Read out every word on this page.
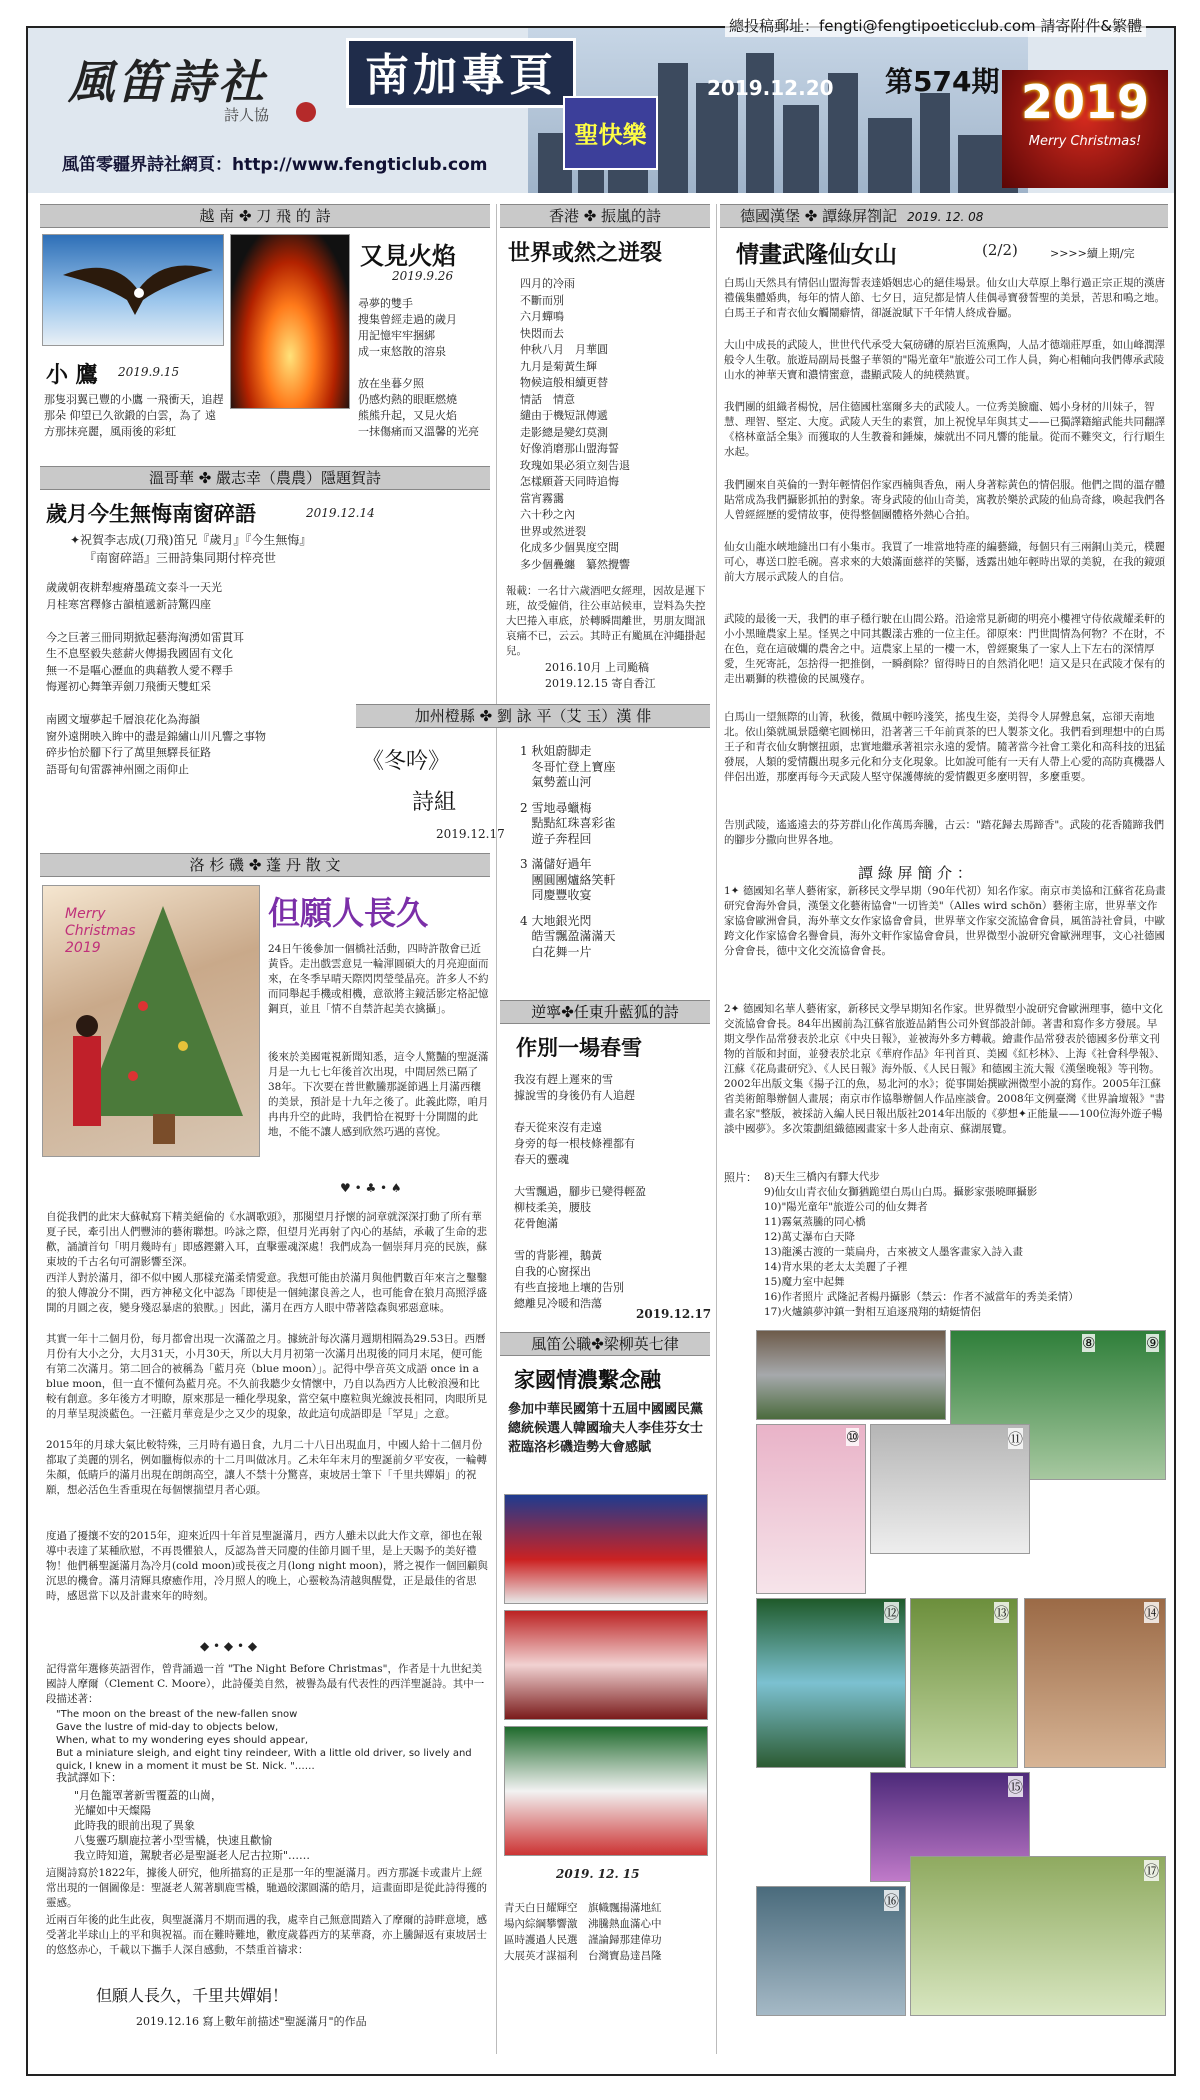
風笛詩社
詩人協
南加專頁
風笛零疆界詩社網頁：http://www.fengticlub.com
總投稿郵址：fengti@fengtipoeticclub.com 請寄附件&繁體
聖快樂
2019.12.20 第574期 2019
Merry Christmas!
越 南 ✤ 刀 飛 的 詩
又見火焰
2019.9.26
尋夢的雙手
搜集曾經走過的歲月
用記憶牢牢捆綁
成一束悠散的溶泉

放在坐暮夕照
仍感灼熱的眼眶燃燒
熊熊升起，又見火焰
一抹傷痛而又溫馨的光亮
小 鷹 2019.9.15
那隻羽翼已豐的小鷹 一飛衝天，追趕那朵 仰望已久欲鍛的白雲，為了 遠方那抹亮麗，風雨後的彩虹
溫哥華 ✤ 嚴志幸（農農）隱題賀詩
歲月今生無悔南窗碎語	2019.12.14
✦祝賀李志成(刀飛)笛兄『歲月』『今生無悔』
『南窗碎語』三冊詩集同期付梓亮世
歲歲朝夜耕犁瘦瘠墨疏文泰斗一天光
月桂寒宮釋修古韻植遞新詩驚四座

今之巨著三冊同期掀起藝海洶湧如雷貫耳
生不息堅毅失慈薪火傳揚我國固有文化
無一不是嘔心瀝血的典藉教人愛不釋手
悔遲初心舞筆弄劍刀飛衝天雙虹采

南國文壇夢起千層浪花化為海韻
窗外遠開映入眸中的盡是錦繡山川凡響之事物
碎步怡於腳下行了萬里無驛長征路
語哥旬旬雷霹神州園之雨仰止
洛 杉 磯 ✤ 蓬 丹 散 文
Merry Christmas 2019
但願人長久
24日午後參加一個橋社活動，四時許散會已近黃昏。走出戲雲意見一輪渾圓碩大的月亮迎面而來，在冬季早晴天際閃閃瑩瑩晶亮。許多人不約而同舉起手機或相機，意欲將主鏡活影定格記憶鋼頁，並且「情不自禁許起美衣擒攝」。
後來於美國電視新聞知悉，這令人驚豔的聖誕滿月是一九七七年後首次出現，中間居然已隔了38年。下次要在普世歡騰那誕節遇上月滿西穰的美景，預計是十九年之後了。此義此際，咱月冉冉升空的此時，我們恰在視野十分開闊的此地，不能不讓人感到欣然巧遇的喜悅。
♥ • ♣ • ♠
自從我們的此宋大蘇軾寫下精美絕倫的《水調歌頭》，那闋望月抒懷的詞章就深深打動了所有華夏子民，牽引出人們豐沛的藝術聯想。吟詠之際，但望月光再射了內心的基結，承載了生命的悲歡，誦讀首句「明月幾時有」即感鏗鏘入耳，直擊靈魂深處！我們成為一個崇拜月亮的民族，蘇東坡的千古名句可謂影響至深。
西洋人對於滿月，卻不似中國人那樣充滿柔情愛意。我想可能由於滿月與他們數百年來言之鑿鑿的狼人傳說分不開，西方神秘文化中認為「即使是一個純潔良善之人，也可能會在狼月高照浮盛開的月圓之夜，變身殘忍暴虐的狼獸。」因此，滿月在西方人眼中帶著陰森與邪惡意味。
其實一年十二個月份，每月都會出現一次滿盈之月。據統計每次滿月週期相隔為29.53日。西曆月份有大小之分，大月31天，小月30天，所以大月月初第一次滿月出現後的同月末尾，便可能有第二次滿月。第二回合的被稱為「藍月亮（blue moon）」。記得中學音英文成語 once in a blue moon，但一直不懂何為藍月亮。不久前我聽少女情懷中，乃自以為西方人比較浪漫和比較有創意。多年後方才明瞭，原來那是一種化學現象，當空氣中塵粒與光線波長相同，肉眼所見的月華呈現淡藍色。一汪藍月華竟是少之又少的現象，故此這句成語即是「罕見」之意。
2015年的月球大氣比較特殊，三月時有過日食，九月二十八日出現血月，中國人給十二個月份都取了美麗的別名，例如臘梅似赤的十二月叫做冰月。乙未年年末月的聖誕前夕平安夜，一輪轉朱顏，低睛戶的滿月出現在朗朗高空，讓人不禁十分驚喜，東坡居士筆下「千里共嬋娟」的祝願，想必活色生香重現在每個懷揣望月者心頭。
度過了擾攘不安的2015年，迎來近四十年首見聖誕滿月，西方人雖未以此大作文章，卻也在報導中表達了某種欣慰，不再畏懼狼人，反認為普天同慶的佳節月圓千里，是上天賜予的美好禮物！他們稱聖誕滿月為冷月(cold moon)或長夜之月(long night moon)，將之視作一個回顧與沉思的機會。滿月清輝具療癒作用，冷月照人的晚上，心靈較為清越與醒覺，正是最佳的省思時，感恩當下以及計畫來年的時刻。
◆ • ◆ • ◆
記得當年選修英語習作，曾背誦過一首 "The Night Before Christmas"，作者是十九世紀美國詩人摩爾（Clement C. Moore），此詩優美自然，被譽為最有代表性的西洋聖誕詩。其中一段描述著：
"The moon on the breast of the new-fallen snow
Gave the lustre of mid-day to objects below,
When, what to my wondering eyes should appear,
But a miniature sleigh, and eight tiny reindeer, With a little old driver, so lively and quick, I knew in a moment it must be St. Nick. "……
我試譯如下：
"月色籠罩著新雪覆蓋的山崗，
光耀如中天燦陽
此時我的眼前出現了異象
八隻靈巧馴鹿拉著小型雪橇，快速且歡愉
我立時知道，駕駛者必是聖誕老人尼古拉斯"……
這闋詩寫於1822年，據後人研究，他所描寫的正是那一年的聖誕滿月。西方那誕卡或畫片上經常出現的一個圖像是：聖誕老人駕著馴鹿雪橇，馳過皎潔圓滿的皓月，這畫面即是從此詩得獲的靈感。
近兩百年後的此生此夜，與聖誕滿月不期而遇的我，處幸自己無意間踏入了摩爾的詩畔意境，感受著北半球山上的平和與祝福。而在難時難地，歡度歲暮西方的某華裔，亦上騰歸返有東坡居士的悠悠赤心，千載以下攜手人深自感動，不禁重首禱求：
但願人長久，千里共嬋娟！
2019.12.16 寫上數年前描述"聖誕滿月"的作品
香港 ✤ 振嵐的詩
世界或然之迸裂
四月的冷雨
不斷而別
六月蟬鳴
快悶而去
仲秋八月　月華圓
九月是菊黃生輝
物候這般相續更替
情話　情意
繾由于機短訊傳遞
走影總是變幻莫測
好像消磨那山盟海誓
玫瑰如果必須立刻告退
怎樣願蒼天同時追悔
當宵霧靄
六十秒之內
世界或然迸裂
化成多少個異度空間
多少個疊纏　纂然攪響
報載：一名廿六歲酒吧女經理，因故是遲下班，故受僱俏，往公車站候車，豈料為失控大巴捲入車底，於轉瞬間離世，男朋友聞訊哀痛不已，云云。其時正有颱風在沖繩掛起兒。
2016.10月 上司颱稿
2019.12.15 寄自香江
加州橙縣 ✤ 劉 詠 平（艾 玉）漢 俳
《冬吟》
詩組
2019.12.17
1 秋姐蔚脚走
冬哥忙登上寶座
氣勢蓋山河
2 雪地尋蠟梅
點點紅珠喜彩雀
遊子奔程回
3 滿儲好過年
團圓團爐絡笑軒
同慶豐收宴
4 大地銀光閃
皓雪飄盈滿滿天
白花舞一片
逆寧✤任東升藍狐的詩
作別一場春雪
我沒有趕上遲來的雪
據說雪的身後仍有人追趕

春天從來沒有走遠
身旁的每一根枝條裡都有
春天的靈魂

大雪飄過，腳步已變得輕盈
柳枝柔美，腰肢
花骨飽滿

雪的背影裡，鵝黃
自我的心窗探出
有些直接地上壤的告別
總離見冷暖和浩蕩
2019.12.17
風笛公職✤梁柳英七律
家國情濃繫念融
參加中華民國第十五屆中國國民黨總統候選人韓國瑜夫人李佳芬女士蒞臨洛杉磯造勢大會感賦
2019. 12. 15
青天白日耀輝空　旗幟飄揚滿地紅
場內綜綱攀響激　沸騰熱血滿心中
區時護過人民選　謹論歸那建偉功
大展英才謀福利　台灣寶島達昌隆
德國漢堡 ✤ 譚綠屏劄記 2019. 12. 08
情畫武隆仙女山	(2/2)	>>>>續上期/完
白馬山天然具有情侶山盟海誓表達婚姻忠心的絕佳場景。仙女山大草原上舉行過正宗正規的漢唐禮儀集體婚典，每年的情人節、七夕日，這兒都是情人佳偶尋寶發誓聖的美景，苦思和鳴之地。白馬王子和青衣仙女觸鬧癖情，卻誕說賦下千年情人終成眷屬。
大山中成長的武陵人，世世代代承受大氣磅礴的原岩巨流熏陶，人品才德端莊厚重，如山峰潤澤般令人生敬。旅遊局副局長盤子華領的"陽光童年"旅遊公司工作人員，夠心相輔向我們傳承武陵山水的神華天寶和濃情蜜意，盡顯武陵人的純樸熱實。
我們團的組織者楊悅，居住德國杜塞爾多夫的武陵人。一位秀美臉龐、嫣小身材的川妹子，智慧、理智、堅定、大度。武陵人天生的素質，加上祝悅早年與其丈——已獨譯籍縮武能共同翻譯《格林童話全集》而獲取的人生教養和錘煉，煉就出不同凡響的能量。從而不難突文，行行順生水起。
我們團來自英倫的一對年輕情侶作家西楠與香魚，兩人身著粽黃色的情侶服。他們之間的溫存體貼常成為我們攝影抓拍的對象。寄身武陵的仙山奇美，寓教於樂於武陵的仙鳥奇緣，喚起我們各人曾經經歷的愛情故事，使得整個團體格外熱心合拍。
仙女山龍水峽地縫出口有小集市。我買了一堆當地特產的編藝織，每個只有三兩銅山美元，樸麗可心，專送口腔毛碗。喜求來的大娘滿面慈祥的笑靨，透露出她年輕時出眾的美貌，在我的鏡頭前大方展示武陵人的自信。
武陵的最後一天，我們的車子穩行駛在山間公路。沿途常見新砌的明亮小樓裡守侍依歲耀柔軒的小小黑瞳農家上星。怪異之中同其觀漾古雅的一位主任。卻原來：門世間情為何物？不在財，不在色，竟在這破爛的農舍之中。這農家上星的一樓一木，曾經聚集了一家人上下左右的深情厚愛，生死寄託，怎捨得一把推倒，一瞬剷除？留得時日的自然消化吧！這又是只在武陵才保有的走出覇獅的秩禮儉的民風殘存。
白馬山一望無際的山箐，秋後，微風中輕吟淺笑，搖曳生姿，美得令人屏聲息氣，忘卻天南地北。依山築就風景隱藥宅圓梯田，沿著著三千年前貢茶的巴人製茶文化。我們看到理想中的白馬王子和青衣仙女駒懷扭頭，忠實地繼承著祖宗永遠的愛情。隨著當今社會工業化和高科技的迅猛發展，人類的愛情觀出現多元化和分支化現象。比如說可能有一天有人帶上心愛的高防真機器人伴侶出遊，那麼再每今天武陵人堅守保護傳統的愛情觀更多麼明智，多麼重要。
告別武陵，遙遙遠去的芬芳群山化作萬馬奔騰，古云："踏花歸去馬蹄香"。武陵的花香隨蹄我們的腳步分撒向世界各地。
譚 綠 屏 簡 介 ：
1✦ 德國知名華人藝術家，新移民文學早期（90年代初）知名作家。南京市美協和江蘇省花鳥畫研究會海外會員，漢堡文化藝術協會"一切皆美"（Alles wird schön）藝術主席，世界華文作家協會歐洲會員，海外華文女作家協會會員，世界華文作家交流協會會員，風笛詩社會員，中歐跨文化作家協會名譽會員，海外文軒作家協會會員，世界微型小說研究會歐洲理事，文心社德國分會會長，德中文化交流協會會長。
2✦ 德國知名華人藝術家，新移民文學早期知名作家。世界微型小說研究會歐洲理事，德中文化交流協會會長。84年出國前為江蘇省旅遊品銷售公司外貿部設計師。著書和寫作多方發展。早期文學作品常發表於北京《中央日報》，並被海外多方轉載。繪畫作品常發表於德國多份華文刊物的首版和封面，並發表於北京《華府作品》年刊首頁、美國《紅杉林》、上海《社會科學報》、江蘇《花鳥畫研究》、《人民日報》海外版、《人民日報》和德國主流大報《漢堡晚報》等刊物。2002年出版文集《揚子江的魚，易北河的水》；從事開始撰歐洲微型小說的寫作。2005年江蘇省美術館舉辦個人畫展；南京市作協舉辦個人作品座談會。2008年文例臺灣《世界論壇報》"書畫名家"整版，被採訪入編人民日報出版社2014年出版的《夢想✦正能量——100位海外遊子暢談中國夢》。多次策劃組織德國畫家十多人赴南京、蘇湖展覽。
照片： 8)天生三橋內有驛大代步
9)仙女山青衣仙女獅猶跪望白馬山白馬。攝影家張曉暉攝影
10)"陽光童年"旅遊公司的仙女舞者
11)霧氣蒸騰的同心橋
12)萬丈瀑布白天降
13)龍溪古渡的一葉扁舟，古來被文人墨客畫家入詩入畫
14)背水果的老太太美麗了子裡
15)魔力室中起舞
16)作者照片 武隆記者楊丹攝影（禁云：作者不滅當年的秀美柔情）
17)火爐鎮夢沖鎮一對相互追逐飛翔的蜻蜓情侶
⑧	⑨
⑩	⑪
⑫	⑬	⑭
⑮
⑯
⑰
